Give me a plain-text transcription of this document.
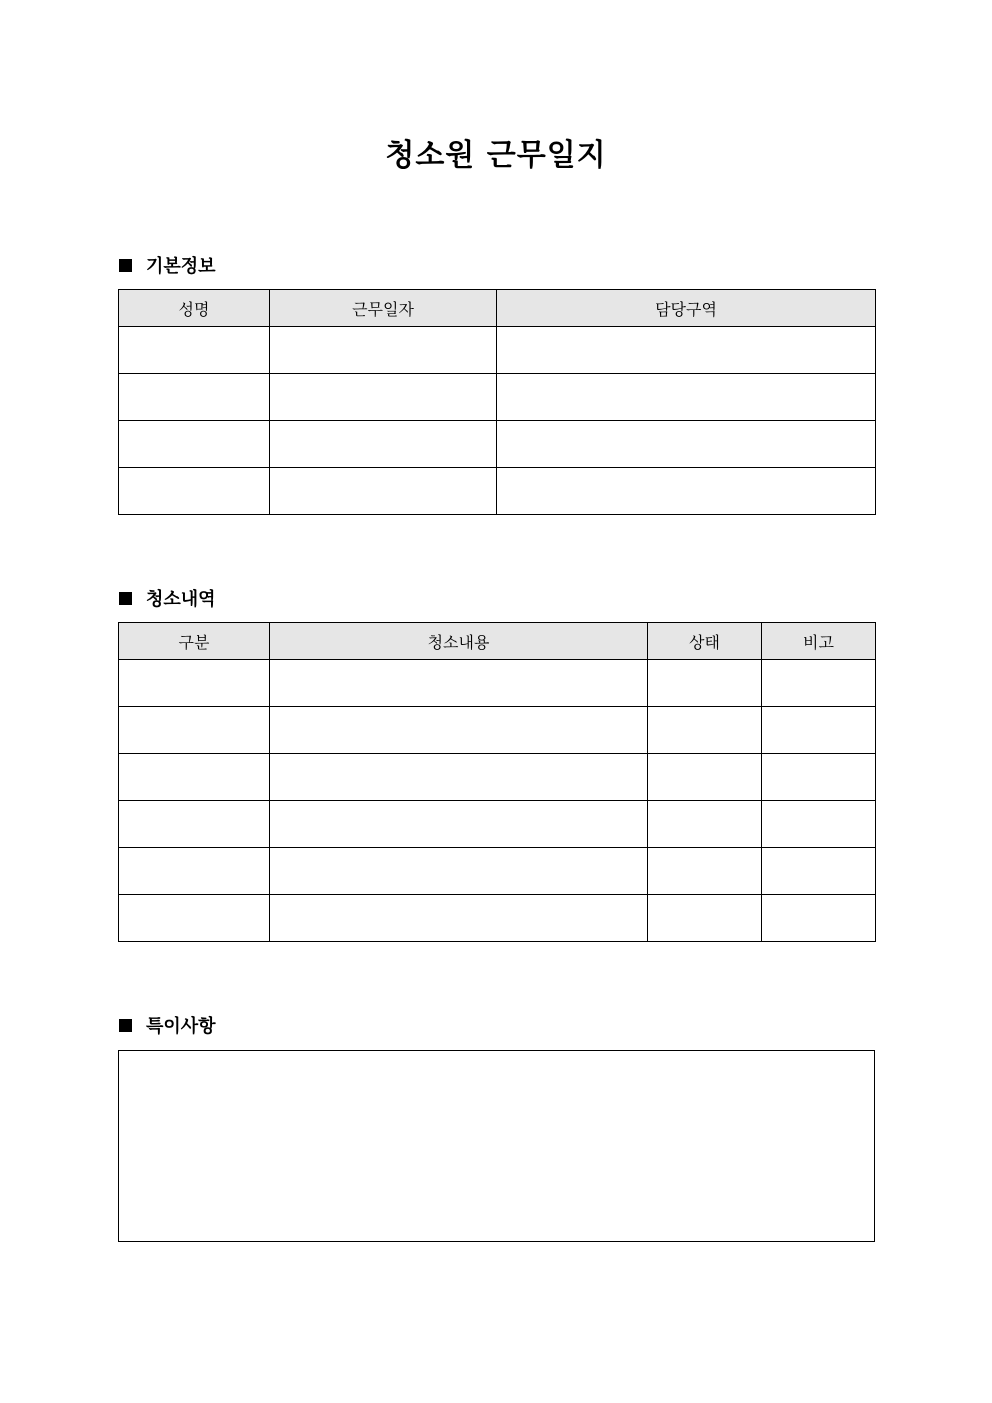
청소원 근무일지
기본정보
성명	근무일자	담당구역

청소내역
구분	청소내용	상태	비고

특이사항
